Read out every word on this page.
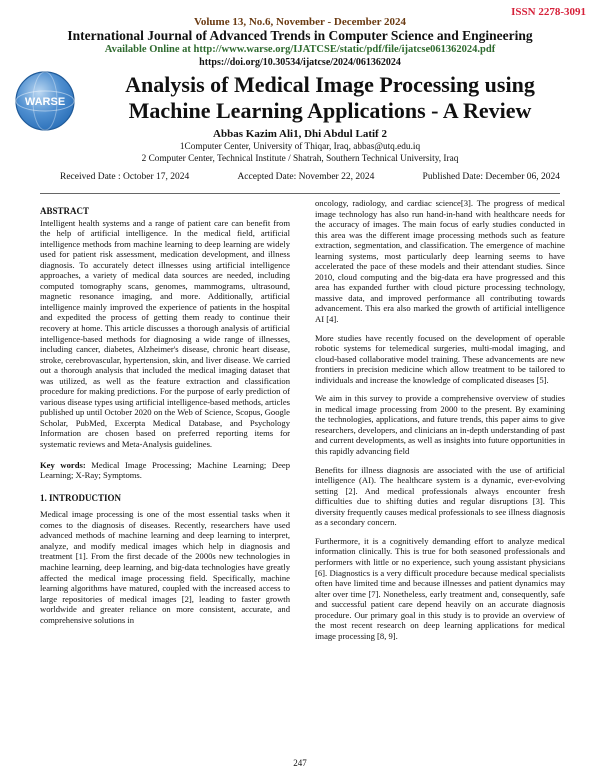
ISSN 2278-3091
Volume 13, No.6, November - December 2024
International Journal of Advanced Trends in Computer Science and Engineering
Available Online at http://www.warse.org/IJATCSE/static/pdf/file/ijatcse061362024.pdf
https://doi.org/10.30534/ijatcse/2024/061362024
WARSE
Analysis of Medical Image Processing using Machine Learning Applications - A Review
Abbas Kazim Ali1, Dhi Abdul Latif 2
1Computer Center, University of Thiqar, Iraq, abbas@utq.edu.iq
2 Computer Center, Technical Institute / Shatrah, Southern Technical University, Iraq
Received Date : October 17, 2024	Accepted Date: November 22, 2024	Published Date: December 06, 2024
ABSTRACT

Intelligent health systems and a range of patient care can benefit from the help of artificial intelligence. In the medical field, artificial intelligence methods from machine learning to deep learning are widely used for patient risk assessment, medication development, and illness diagnosis. To accurately detect illnesses using artificial intelligence approaches, a variety of medical data sources are needed, including computed tomography scans, genomes, mammograms, ultrasound, magnetic resonance imaging, and more. Additionally, artificial intelligence mainly improved the experience of patients in the hospital and expedited the process of getting them ready to continue their recovery at home. This article discusses a thorough analysis of artificial intelligence-based methods for diagnosing a wide range of illnesses, including cancer, diabetes, Alzheimer's disease, chronic heart disease, stroke, cerebrovascular, hypertension, skin, and liver disease. We carried out a thorough analysis that included the medical imaging dataset that was utilized, as well as the feature extraction and classification procedure for making predictions. For the purpose of early prediction of various disease types using artificial intelligence-based methods, articles published up until October 2020 on the Web of Science, Scopus, Google Scholar, PubMed, Excerpta Medical Database, and Psychology Information are chosen based on preferred reporting items for systematic reviews and Meta-Analysis guidelines.

Key words: Medical Image Processing; Machine Learning; Deep Learning; X-Ray; Symptoms.

1. INTRODUCTION

Medical image processing is one of the most essential tasks when it comes to the diagnosis of diseases. Recently, researchers have used advanced methods of machine learning and deep learning to interpret, analyze, and modify medical images which help in diagnosis and treatment [1]. From the first decade of the 2000s new technologies in machine learning, deep learning, and big-data technologies have greatly affected the medical image processing field. Specifically, machine learning algorithms have matured, coupled with the increased access to large repositories of medical images [2], leading to faster growth worldwide and greater reliance on more consistent, accurate, and comprehensive solutions in

oncology, radiology, and cardiac science[3]. The progress of medical image technology has also run hand-in-hand with healthcare needs for the accuracy of images. The main focus of early studies conducted in this area was the different image processing methods such as feature extraction, segmentation, and classification. The emergence of machine learning systems, most particularly deep learning seems to have accelerated the pace of these models and their attendant studies. Since 2010, cloud computing and the big-data era have progressed and this area has expanded further with cloud picture processing technology, massive data, and improved performance all contributing towards advancement. This era also marked the growth of artificial intelligence AI [4].

More studies have recently focused on the development of operable robotic systems for telemedical surgeries, multi-modal imaging, and cloud-based collaborative model training. These advancements are new frontiers in precision medicine which allow treatment to be tailored to individuals and increase the knowledge of complicated diseases [5].

We aim in this survey to provide a comprehensive overview of studies in medical image processing from 2000 to the present. By examining the technologies, applications, and future trends, this paper aims to give researchers, developers, and clinicians an in-depth understanding of past and current developments, as well as insights into future opportunities in this rapidly advancing field

Benefits for illness diagnosis are associated with the use of artificial intelligence (AI). The healthcare system is a dynamic, ever-evolving setting [2]. And medical professionals always encounter fresh difficulties due to shifting duties and regular disruptions [3]. This diversity frequently causes medical professionals to see illness diagnosis as a secondary concern.

Furthermore, it is a cognitively demanding effort to analyze medical information clinically. This is true for both seasoned professionals and performers with little or no experience, such young assistant physicians [6]. Diagnostics is a very difficult procedure because medical specialists often have limited time and because illnesses and patient dynamics may alter over time [7]. Nonetheless, early treatment and, consequently, safe and successful patient care depend heavily on an accurate diagnosis procedure. Our primary goal in this study is to provide an overview of the most recent research on deep learning applications for medical image processing [8, 9].

247
